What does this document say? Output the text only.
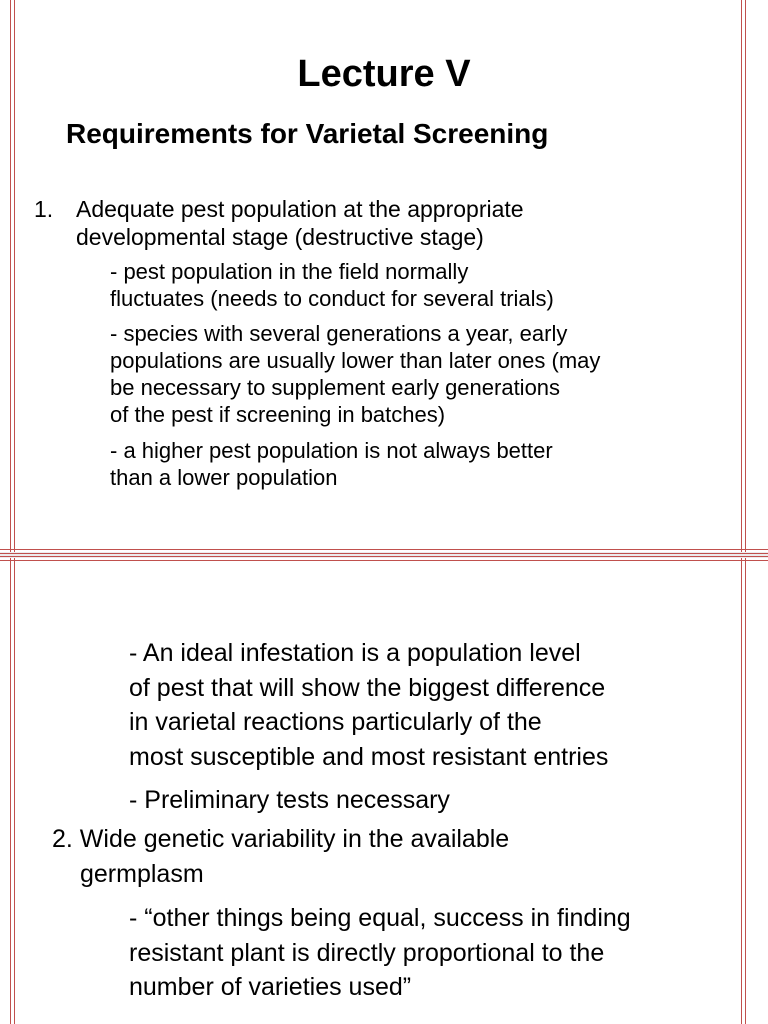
Lecture V
Requirements for Varietal Screening
1. Adequate pest population at the appropriate
developmental stage (destructive stage)
- pest population in the field normally
fluctuates (needs to conduct for several trials)
- species with several generations a year, early
populations are usually lower than later ones (may
be necessary to supplement early generations
of the pest if screening in batches)
- a higher pest population is not always better
than a lower population
- An ideal infestation is a population level
of pest that will show the biggest difference
in varietal reactions particularly of the
most susceptible and most resistant entries
- Preliminary tests necessary
2. Wide genetic variability in the available
germplasm
- “other things being equal, success in finding
resistant plant is directly proportional to the
number of varieties used”
